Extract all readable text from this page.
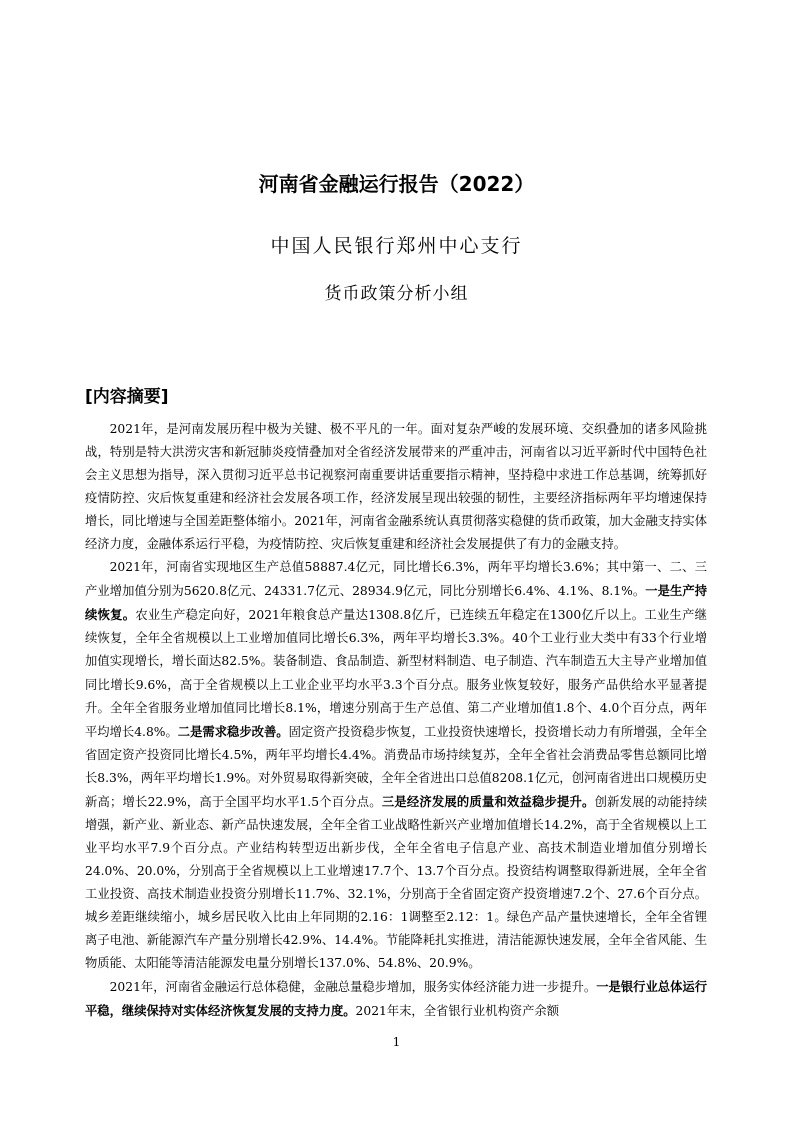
河南省金融运行报告（2022）
中国人民银行郑州中心支行
货币政策分析小组
[内容摘要]

2021年，是河南发展历程中极为关键、极不平凡的一年。面对复杂严峻的发展环境、交织叠加的诸多风险挑战，特别是特大洪涝灾害和新冠肺炎疫情叠加对全省经济发展带来的严重冲击，河南省以习近平新时代中国特色社会主义思想为指导，深入贯彻习近平总书记视察河南重要讲话重要指示精神，坚持稳中求进工作总基调，统筹抓好疫情防控、灾后恢复重建和经济社会发展各项工作，经济发展呈现出较强的韧性，主要经济指标两年平均增速保持增长，同比增速与全国差距整体缩小。2021年，河南省金融系统认真贯彻落实稳健的货币政策，加大金融支持实体经济力度，金融体系运行平稳，为疫情防控、灾后恢复重建和经济社会发展提供了有力的金融支持。

2021年，河南省实现地区生产总值58887.4亿元，同比增长6.3%，两年平均增长3.6%；其中第一、二、三产业增加值分别为5620.8亿元、24331.7亿元、28934.9亿元，同比分别增长6.4%、4.1%、8.1%。一是生产持续恢复。农业生产稳定向好，2021年粮食总产量达1308.8亿斤，已连续五年稳定在1300亿斤以上。工业生产继续恢复，全年全省规模以上工业增加值同比增长6.3%，两年平均增长3.3%。40个工业行业大类中有33个行业增加值实现增长，增长面达82.5%。装备制造、食品制造、新型材料制造、电子制造、汽车制造五大主导产业增加值同比增长9.6%，高于全省规模以上工业企业平均水平3.3个百分点。服务业恢复较好，服务产品供给水平显著提升。全年全省服务业增加值同比增长8.1%，增速分别高于生产总值、第二产业增加值1.8个、4.0个百分点，两年平均增长4.8%。二是需求稳步改善。固定资产投资稳步恢复，工业投资快速增长，投资增长动力有所增强，全年全省固定资产投资同比增长4.5%，两年平均增长4.4%。消费品市场持续复苏，全年全省社会消费品零售总额同比增长8.3%，两年平均增长1.9%。对外贸易取得新突破，全年全省进出口总值8208.1亿元，创河南省进出口规模历史新高；增长22.9%，高于全国平均水平1.5个百分点。三是经济发展的质量和效益稳步提升。创新发展的动能持续增强，新产业、新业态、新产品快速发展，全年全省工业战略性新兴产业增加值增长14.2%，高于全省规模以上工业平均水平7.9个百分点。产业结构转型迈出新步伐，全年全省电子信息产业、高技术制造业增加值分别增长24.0%、20.0%，分别高于全省规模以上工业增速17.7个、13.7个百分点。投资结构调整取得新进展，全年全省工业投资、高技术制造业投资分别增长11.7%、32.1%，分别高于全省固定资产投资增速7.2个、27.6个百分点。城乡差距继续缩小，城乡居民收入比由上年同期的2.16：1调整至2.12：1。绿色产品产量快速增长，全年全省锂离子电池、新能源汽车产量分别增长42.9%、14.4%。节能降耗扎实推进，清洁能源快速发展，全年全省风能、生物质能、太阳能等清洁能源发电量分别增长137.0%、54.8%、20.9%。

2021年，河南省金融运行总体稳健，金融总量稳步增加，服务实体经济能力进一步提升。一是银行业总体运行平稳，继续保持对实体经济恢复发展的支持力度。2021年末，全省银行业机构资产余额

1
